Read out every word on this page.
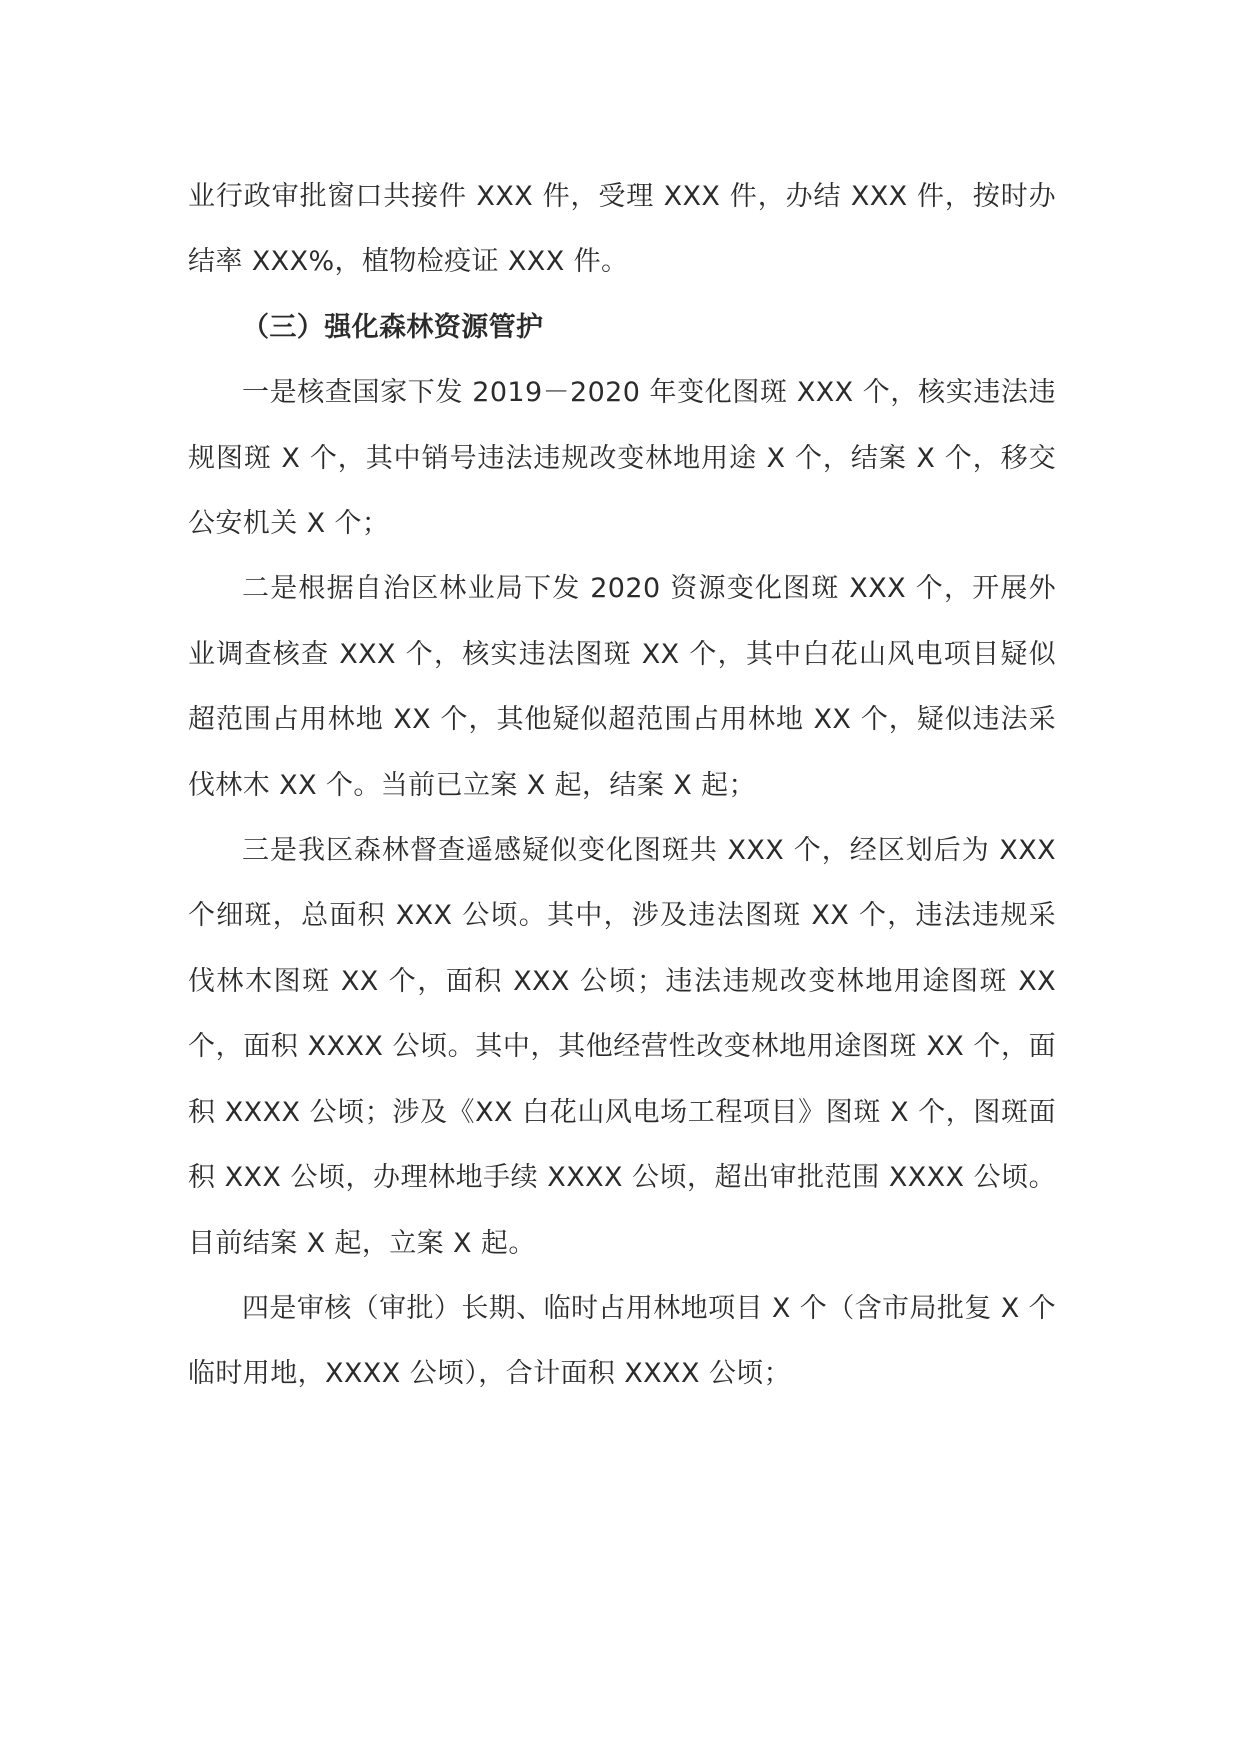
业行政审批窗口共接件 XXX 件，受理 XXX 件，办结 XXX 件，按时办结率 XXX%，植物检疫证 XXX 件。

（三）强化森林资源管护

一是核查国家下发 2019－2020 年变化图斑 XXX 个，核实违法违规图斑 X 个，其中销号违法违规改变林地用途 X 个，结案 X 个，移交公安机关 X 个；

二是根据自治区林业局下发 2020 资源变化图斑 XXX 个，开展外业调查核查 XXX 个，核实违法图斑 XX 个，其中白花山风电项目疑似超范围占用林地 XX 个，其他疑似超范围占用林地 XX 个，疑似违法采伐林木 XX 个。当前已立案 X 起，结案 X 起；

三是我区森林督查遥感疑似变化图斑共 XXX 个，经区划后为 XXX 个细斑，总面积 XXX 公顷。其中，涉及违法图斑 XX 个，违法违规采伐林木图斑 XX 个，面积 XXX 公顷；违法违规改变林地用途图斑 XX 个，面积 XXXX 公顷。其中，其他经营性改变林地用途图斑 XX 个，面积 XXXX 公顷；涉及《XX 白花山风电场工程项目》图斑 X 个，图斑面积 XXX 公顷，办理林地手续 XXXX 公顷，超出审批范围 XXXX 公顷。目前结案 X 起，立案 X 起。

四是审核（审批）长期、临时占用林地项目 X 个（含市局批复 X 个临时用地，XXXX 公顷），合计面积 XXXX 公顷；
